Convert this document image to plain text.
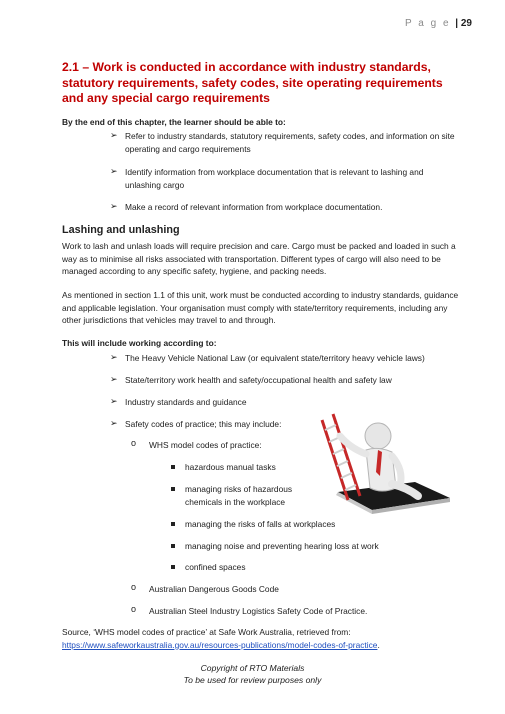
P a g e | 29
2.1 – Work is conducted in accordance with industry standards, statutory requirements, safety codes, site operating requirements and any special cargo requirements
By the end of this chapter, the learner should be able to:
➢ Refer to industry standards, statutory requirements, safety codes, and information on site operating and cargo requirements
➢ Identify information from workplace documentation that is relevant to lashing and unlashing cargo
➢ Make a record of relevant information from workplace documentation.
Lashing and unlashing
Work to lash and unlash loads will require precision and care. Cargo must be packed and loaded in such a way as to minimise all risks associated with transportation. Different types of cargo will also need to be managed according to any specific safety, hygiene, and packing needs.
As mentioned in section 1.1 of this unit, work must be conducted according to industry standards, guidance and applicable legislation. Your organisation must comply with state/territory requirements, including any other jurisdictions that vehicles may travel to and through.
This will include working according to:
➢ The Heavy Vehicle National Law (or equivalent state/territory heavy vehicle laws)
➢ State/territory work health and safety/occupational health and safety law
➢ Industry standards and guidance
➢ Safety codes of practice; this may include:
o WHS model codes of practice:
hazardous manual tasks
managing risks of hazardous chemicals in the workplace
managing the risks of falls at workplaces
managing noise and preventing hearing loss at work
confined spaces
o Australian Dangerous Goods Code
o Australian Steel Industry Logistics Safety Code of Practice.
Source, ‘WHS model codes of practice’ at Safe Work Australia, retrieved from:
https://www.safeworkaustralia.gov.au/resources-publications/model-codes-of-practice.
Copyright of RTO Materials
To be used for review purposes only
